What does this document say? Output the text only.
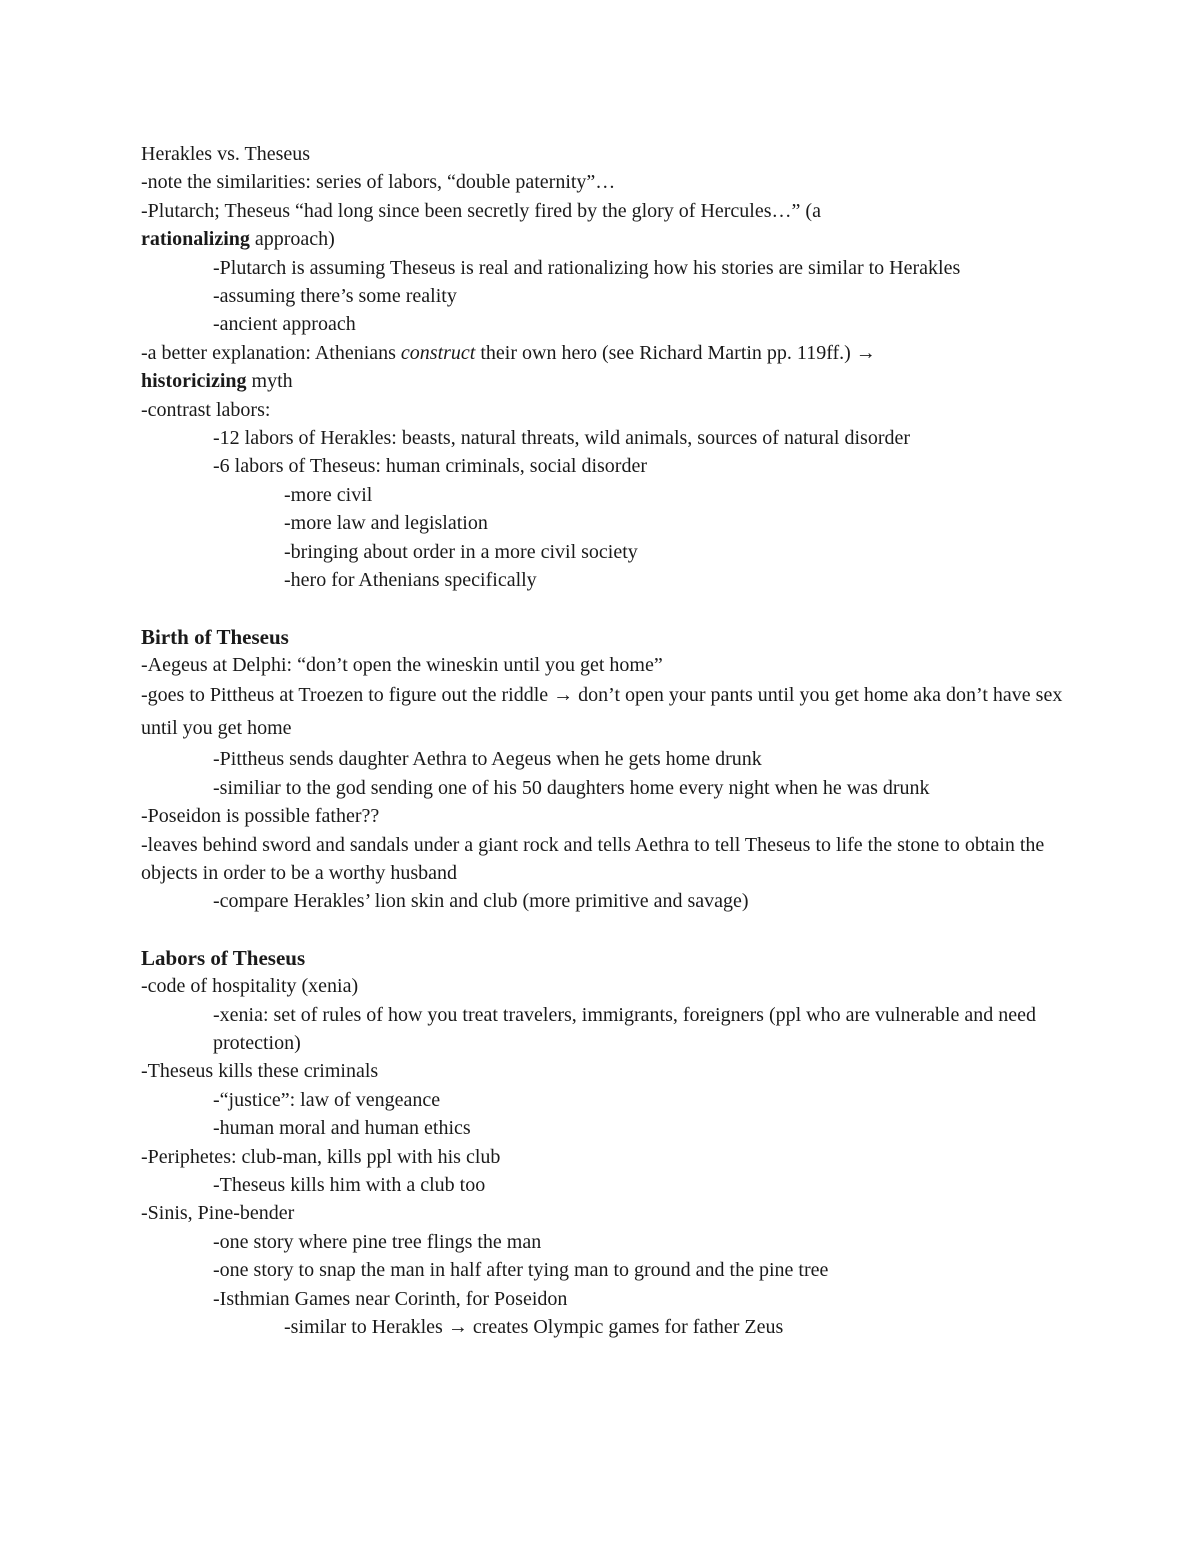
Herakles vs. Theseus

-note the similarities: series of labors, “double paternity”…

-Plutarch; Theseus “had long since been secretly fired by the glory of Hercules…” (a

rationalizing approach)

-Plutarch is assuming Theseus is real and rationalizing how his stories are similar to Herakles

-assuming there’s some reality

-ancient approach

-a better explanation: Athenians construct their own hero (see Richard Martin pp. 119ff.) →

historicizing myth

-contrast labors:

-12 labors of Herakles: beasts, natural threats, wild animals, sources of natural disorder

-6 labors of Theseus: human criminals, social disorder

-more civil

-more law and legislation

-bringing about order in a more civil society

-hero for Athenians specifically

Birth of Theseus

-Aegeus at Delphi: “don’t open the wineskin until you get home”

-goes to Pittheus at Troezen to figure out the riddle → don’t open your pants until you get home aka don’t have sex until you get home

-Pittheus sends daughter Aethra to Aegeus when he gets home drunk

-similiar to the god sending one of his 50 daughters home every night when he was drunk

-Poseidon is possible father??

-leaves behind sword and sandals under a giant rock and tells Aethra to tell Theseus to life the stone to obtain the objects in order to be a worthy husband

-compare Herakles’ lion skin and club (more primitive and savage)

Labors of Theseus

-code of hospitality (xenia)

-xenia: set of rules of how you treat travelers, immigrants, foreigners (ppl who are vulnerable and need protection)

-Theseus kills these criminals

-“justice”: law of vengeance

-human moral and human ethics

-Periphetes: club-man, kills ppl with his club

-Theseus kills him with a club too

-Sinis, Pine-bender

-one story where pine tree flings the man

-one story to snap the man in half after tying man to ground and the pine tree

-Isthmian Games near Corinth, for Poseidon

-similar to Herakles → creates Olympic games for father Zeus
